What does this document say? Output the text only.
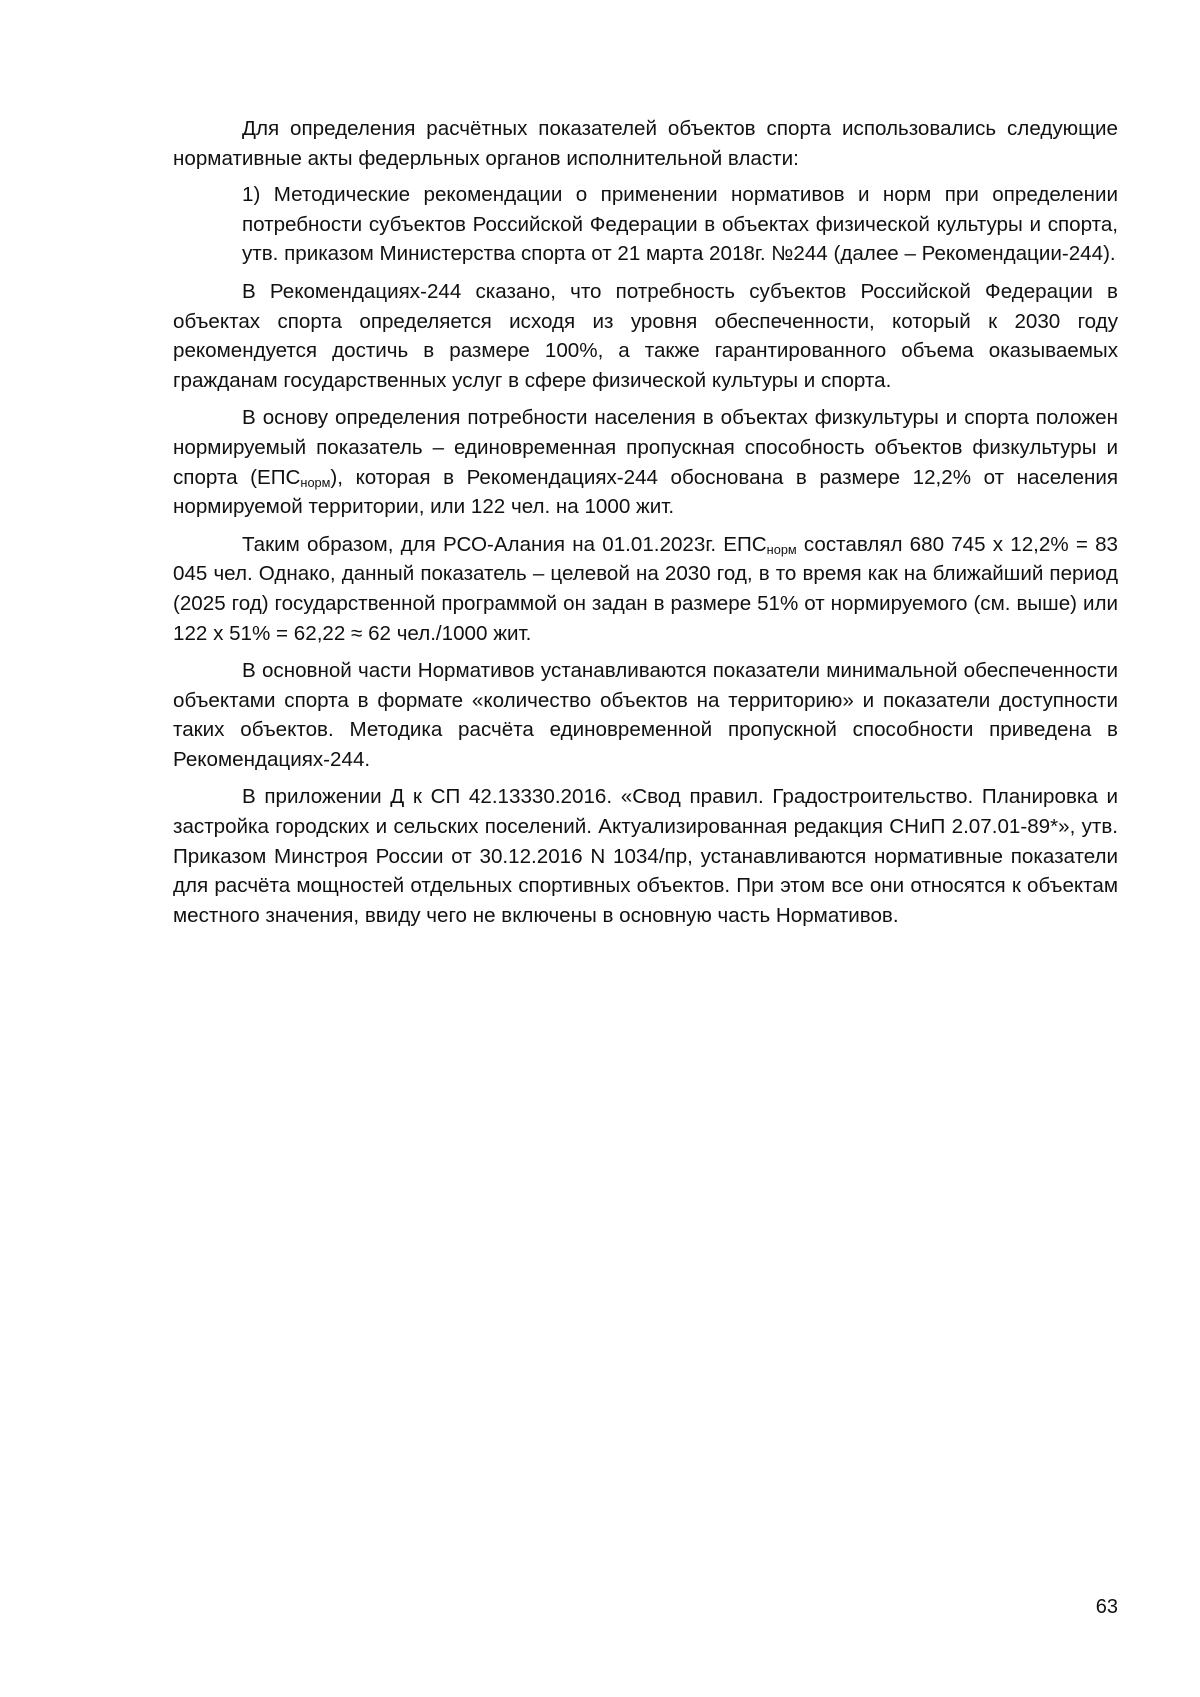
Для определения расчётных показателей объектов спорта использовались следующие нормативные акты федерльных органов исполнительной власти:

1) Методические рекомендации о применении нормативов и норм при определении потребности субъектов Российской Федерации в объектах физической культуры и спорта, утв. приказом Министерства спорта от 21 марта 2018г. №244 (далее – Рекомендации-244).

В Рекомендациях-244 сказано, что потребность субъектов Российской Федерации в объектах спорта определяется исходя из уровня обеспеченности, который к 2030 году рекомендуется достичь в размере 100%, а также гарантированного объема оказываемых гражданам государственных услуг в сфере физической культуры и спорта.

В основу определения потребности населения в объектах физкультуры и спорта положен нормируемый показатель – единовременная пропускная способность объектов физкультуры и спорта $(ЕПС_{норм})$, которая в Рекомендациях-244 обоснована в размере 12,2% от населения нормируемой территории, или 122 чел. на 1000 жит.

Таким образом, для РСО-Алания на 01.01.2023г. $ЕПС_{норм}$ составлял 680 745 х 12,2% = 83 045 чел. Однако, данный показатель – целевой на 2030 год, в то время как на ближайший период (2025 год) государственной программой он задан в размере 51% от нормируемого (см. выше) или 122 х 51% = 62,22 ≈ 62 чел./1000 жит.

В основной части Нормативов устанавливаются показатели минимальной обеспеченности объектами спорта в формате «количество объектов на территорию» и показатели доступности таких объектов. Методика расчёта единовременной пропускной способности приведена в Рекомендациях-244.

В приложении Д к СП 42.13330.2016. «Свод правил. Градостроительство. Планировка и застройка городских и сельских поселений. Актуализированная редакция СНиП 2.07.01-89*», утв. Приказом Минстроя России от 30.12.2016 N 1034/пр, устанавливаются нормативные показатели для расчёта мощностей отдельных спортивных объектов. При этом все они относятся к объектам местного значения, ввиду чего не включены в основную часть Нормативов.

63
